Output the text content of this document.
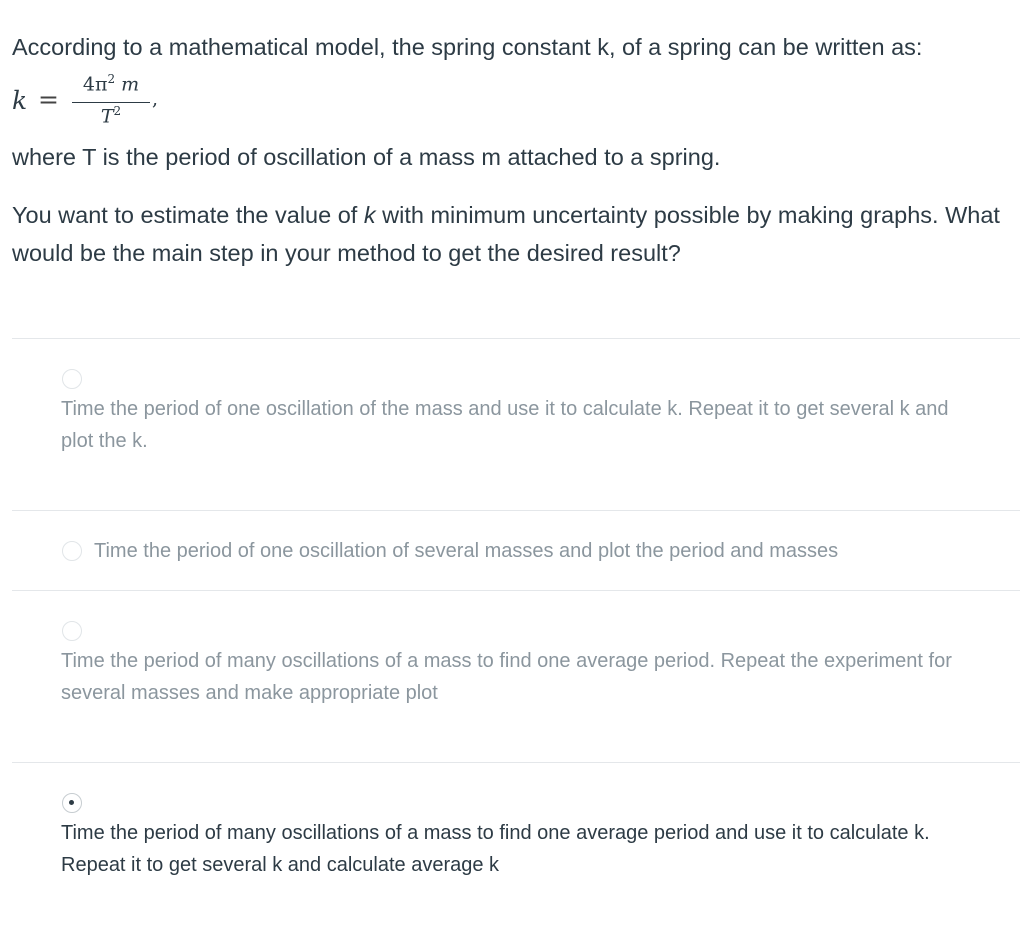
According to a mathematical model, the spring constant k, of a spring can be written as:

k =
$4\pi^2$ m
$T^2$
,

where T is the period of oscillation of a mass m attached to a spring.

You want to estimate the value of k with minimum uncertainty possible by making graphs. What would be the main step in your method to get the desired result?

Time the period of one oscillation of the mass and use it to calculate k. Repeat it to get several k and plot the k.
Time the period of one oscillation of several masses and plot the period and masses
Time the period of many oscillations of a mass to find one average period. Repeat the experiment for several masses and make appropriate plot
Time the period of many oscillations of a mass to find one average period and use it to calculate k. Repeat it to get several k and calculate average k
